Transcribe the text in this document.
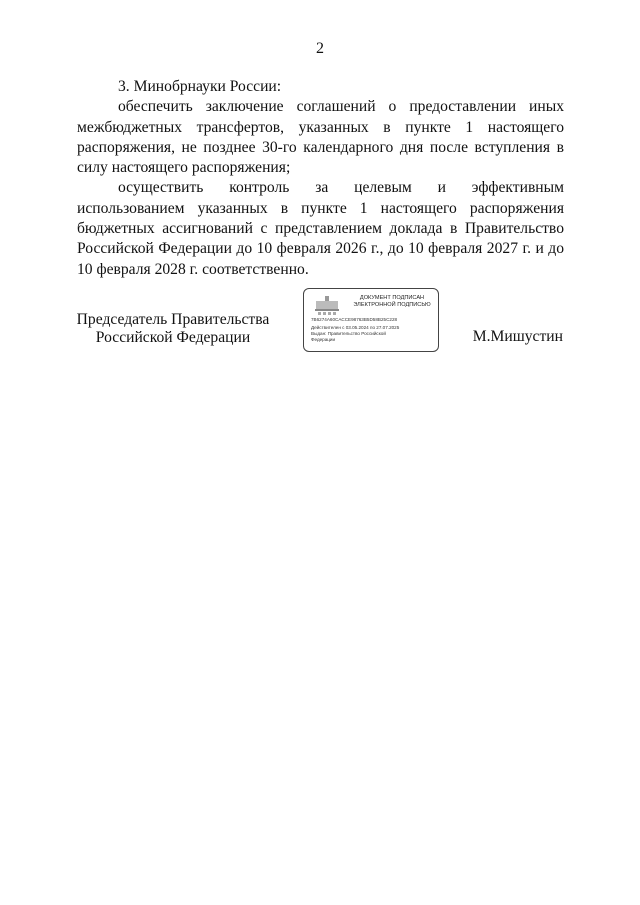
2

3. Минобрнауки России:

обеспечить заключение соглашений о предоставлении иных межбюджетных трансфертов, указанных в пункте 1 настоящего распоряжения, не позднее 30-го календарного дня после вступления в силу настоящего распоряжения;

осуществить контроль за целевым и эффективным использованием указанных в пункте 1 настоящего распоряжения бюджетных ассигнований с представлением доклада в Правительство Российской Федерации до 10 февраля 2026 г., до 10 февраля 2027 г. и до 10 февраля 2028 г. соответственно.

Председатель Правительства
Российской Федерации
ДОКУМЕНТ ПОДПИСАН
ЭЛЕКТРОННОЙ ПОДПИСЬЮ
7B6274A60CACCE98763B5D58B25C228
Действителен с 03.05.2024 по 27.07.2025
Выдан: Правительство Российской
Федерации	М.Мишустин
